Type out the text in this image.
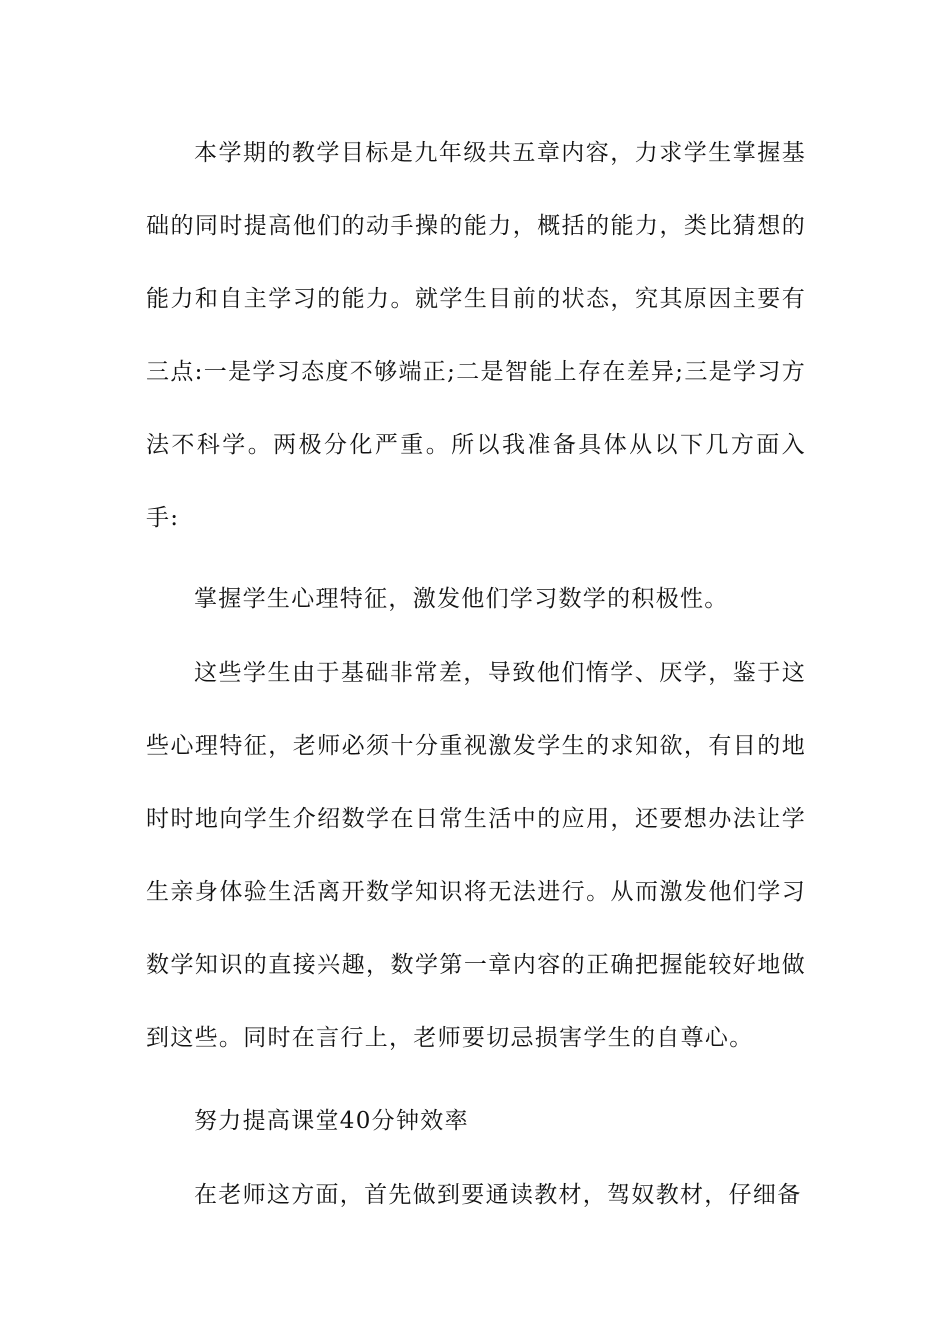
本学期的教学目标是九年级共五章内容，力求学生掌握基础的同时提高他们的动手操的能力，概括的能力，类比猜想的能力和自主学习的能力。就学生目前的状态，究其原因主要有三点:一是学习态度不够端正;二是智能上存在差异;三是学习方法不科学。两极分化严重。所以我准备具体从以下几方面入手:

掌握学生心理特征，激发他们学习数学的积极性。

这些学生由于基础非常差，导致他们惰学、厌学，鉴于这些心理特征，老师必须十分重视激发学生的求知欲，有目的地时时地向学生介绍数学在日常生活中的应用，还要想办法让学生亲身体验生活离开数学知识将无法进行。从而激发他们学习数学知识的直接兴趣，数学第一章内容的正确把握能较好地做到这些。同时在言行上，老师要切忌损害学生的自尊心。

努力提高课堂40分钟效率

在老师这方面，首先做到要通读教材，驾奴教材，仔细备
